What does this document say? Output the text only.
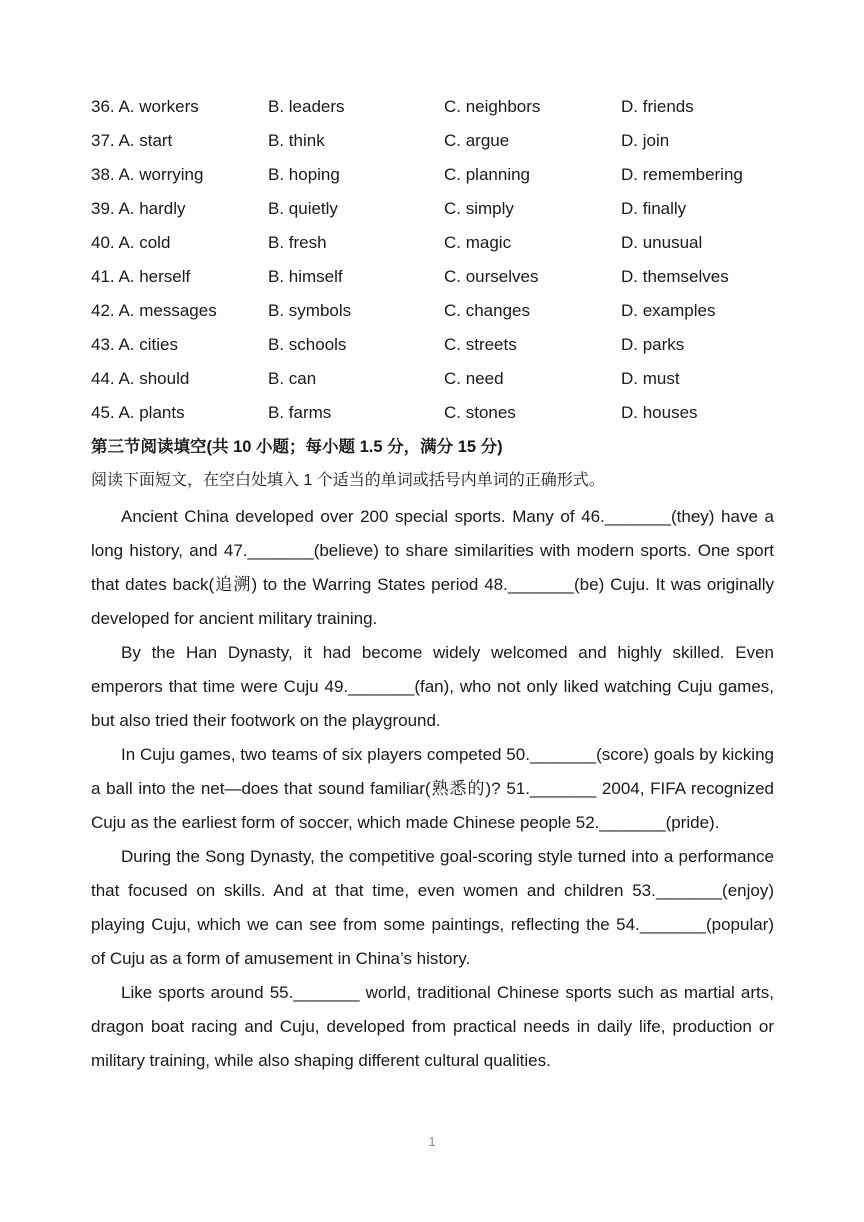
36. A. workers	B. leaders	C. neighbors	D. friends
37. A. start	B. think	C. argue	D. join
38. A. worrying	B. hoping	C. planning	D. remembering
39. A. hardly	B. quietly	C. simply	D. finally
40. A. cold	B. fresh	C. magic	D. unusual
41. A. herself	B. himself	C. ourselves	D. themselves
42. A. messages	B. symbols	C. changes	D. examples
43. A. cities	B. schools	C. streets	D. parks
44. A. should	B. can	C. need	D. must
45. A. plants	B. farms	C. stones	D. houses
第三节阅读填空(共 10 小题；每小题 1.5 分，满分 15 分)
阅读下面短文，在空白处填入 1 个适当的单词或括号内单词的正确形式。

Ancient China developed over 200 special sports. Many of 46._______(they) have a long history, and 47._______(believe) to share similarities with modern sports. One sport that dates back(追溯) to the Warring States period 48._______(be) Cuju. It was originally developed for ancient military training.

By the Han Dynasty, it had become widely welcomed and highly skilled. Even emperors that time were Cuju 49._______(fan), who not only liked watching Cuju games, but also tried their footwork on the playground.

In Cuju games, two teams of six players competed 50._______(score) goals by kicking a ball into the net—does that sound familiar(熟悉的)? 51._______ 2004, FIFA recognized Cuju as the earliest form of soccer, which made Chinese people 52._______(pride).

During the Song Dynasty, the competitive goal-scoring style turned into a performance that focused on skills. And at that time, even women and children 53._______(enjoy) playing Cuju, which we can see from some paintings, reflecting the 54._______(popular) of Cuju as a form of amusement in China’s history.

Like sports around 55._______ world, traditional Chinese sports such as martial arts, dragon boat racing and Cuju, developed from practical needs in daily life, production or military training, while also shaping different cultural qualities.

1
